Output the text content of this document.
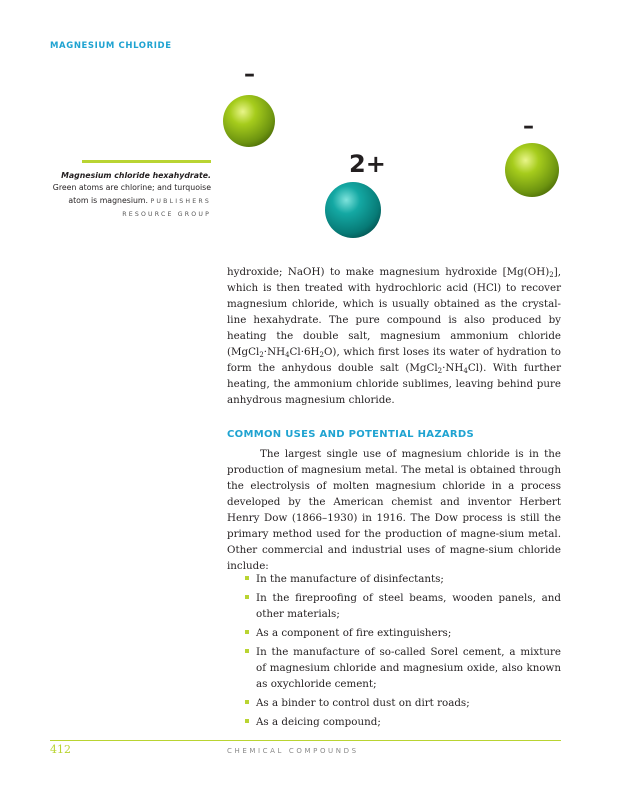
MAGNESIUM CHLORIDE
–
–
2+
Magnesium chloride hexahydrate. Green atoms are chlorine; and turquoise atom is magnesium. PUBLISHERS RESOURCE GROUP

hydroxide; NaOH) to make magnesium hydroxide $[Mg(OH)_2]$, which is then treated with hydrochloric acid (HCl) to recover magnesium chloride, which is usually obtained as the crystal-line hexahydrate. The pure compound is also produced by heating the double salt, magnesium ammonium chloride $(MgCl_2\cdot NH_4Cl\cdot 6H_2O)$, which first loses its water of hydration to form the anhydous double salt $(MgCl_2\cdot NH_4Cl)$. With further heating, the ammonium chloride sublimes, leaving behind pure anhydrous magnesium chloride.

COMMON USES AND POTENTIAL HAZARDS

The largest single use of magnesium chloride is in the production of magnesium metal. The metal is obtained through the electrolysis of molten magnesium chloride in a process developed by the American chemist and inventor Herbert Henry Dow (1866–1930) in 1916. The Dow process is still the primary method used for the production of magne-sium metal. Other commercial and industrial uses of magne-sium chloride include:

In the manufacture of disinfectants;
In the fireproofing of steel beams, wooden panels, and other materials;
As a component of fire extinguishers;
In the manufacture of so-called Sorel cement, a mixture of magnesium chloride and magnesium oxide, also known as oxychloride cement;
As a binder to control dust on dirt roads;
As a deicing compound;
412	CHEMICAL COMPOUNDS
